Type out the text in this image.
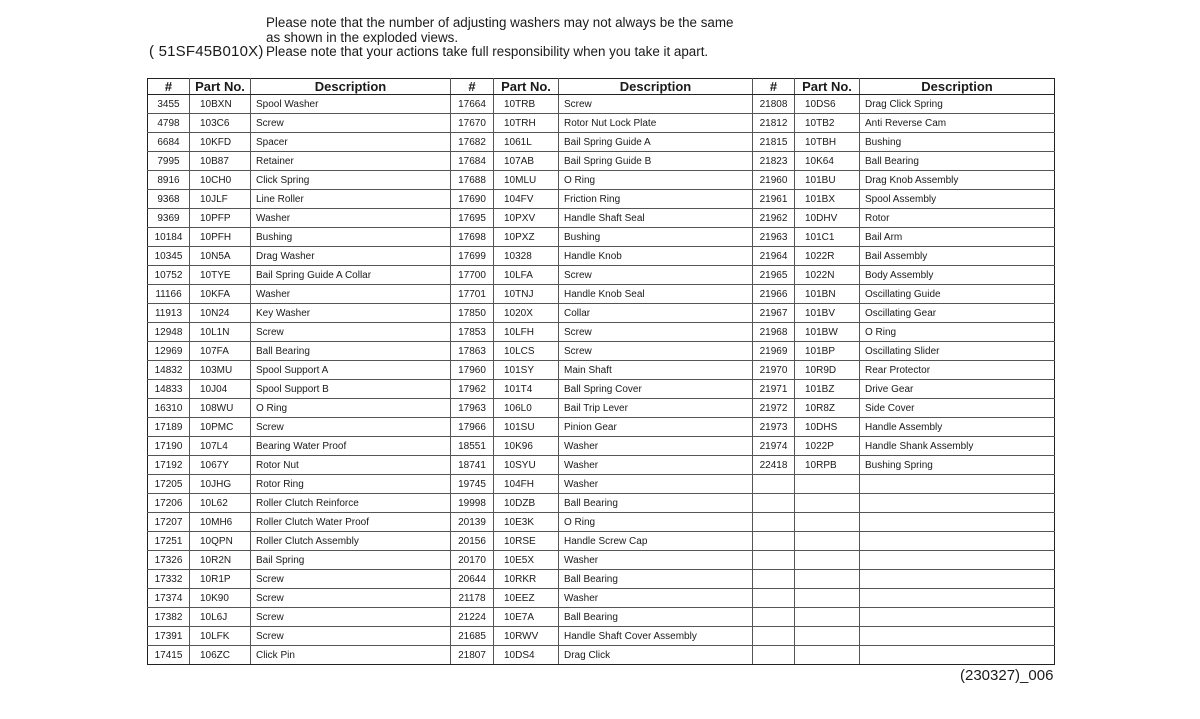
( 51SF45B010X)
Please note that the number of adjusting washers may not always be the same
as shown in the exploded views.
Please note that your actions take full responsibility when you take it apart.
#	Part No.	Description	#	Part No.	Description	#	Part No.	Description
3455	10BXN	Spool Washer	17664	10TRB	Screw	21808	10DS6	Drag Click Spring
4798	103C6	Screw	17670	10TRH	Rotor Nut Lock Plate	21812	10TB2	Anti Reverse Cam
6684	10KFD	Spacer	17682	1061L	Bail Spring Guide A	21815	10TBH	Bushing
7995	10B87	Retainer	17684	107AB	Bail Spring Guide B	21823	10K64	Ball Bearing
8916	10CH0	Click Spring	17688	10MLU	O Ring	21960	101BU	Drag Knob Assembly
9368	10JLF	Line Roller	17690	104FV	Friction Ring	21961	101BX	Spool Assembly
9369	10PFP	Washer	17695	10PXV	Handle Shaft Seal	21962	10DHV	Rotor
10184	10PFH	Bushing	17698	10PXZ	Bushing	21963	101C1	Bail Arm
10345	10N5A	Drag Washer	17699	10328	Handle Knob	21964	1022R	Bail Assembly
10752	10TYE	Bail Spring Guide A Collar	17700	10LFA	Screw	21965	1022N	Body Assembly
11166	10KFA	Washer	17701	10TNJ	Handle Knob Seal	21966	101BN	Oscillating Guide
11913	10N24	Key Washer	17850	1020X	Collar	21967	101BV	Oscillating Gear
12948	10L1N	Screw	17853	10LFH	Screw	21968	101BW	O Ring
12969	107FA	Ball Bearing	17863	10LCS	Screw	21969	101BP	Oscillating Slider
14832	103MU	Spool Support A	17960	101SY	Main Shaft	21970	10R9D	Rear Protector
14833	10J04	Spool Support B	17962	101T4	Ball Spring Cover	21971	101BZ	Drive Gear
16310	108WU	O Ring	17963	106L0	Bail Trip Lever	21972	10R8Z	Side Cover
17189	10PMC	Screw	17966	101SU	Pinion Gear	21973	10DHS	Handle Assembly
17190	107L4	Bearing Water Proof	18551	10K96	Washer	21974	1022P	Handle Shank Assembly
17192	1067Y	Rotor Nut	18741	10SYU	Washer	22418	10RPB	Bushing Spring
17205	10JHG	Rotor Ring	19745	104FH	Washer			
17206	10L62	Roller Clutch Reinforce	19998	10DZB	Ball Bearing			
17207	10MH6	Roller Clutch Water Proof	20139	10E3K	O Ring			
17251	10QPN	Roller Clutch Assembly	20156	10RSE	Handle Screw Cap			
17326	10R2N	Bail Spring	20170	10E5X	Washer			
17332	10R1P	Screw	20644	10RKR	Ball Bearing			
17374	10K90	Screw	21178	10EEZ	Washer			
17382	10L6J	Screw	21224	10E7A	Ball Bearing			
17391	10LFK	Screw	21685	10RWV	Handle Shaft Cover Assembly			
17415	106ZC	Click Pin	21807	10DS4	Drag Click			
(230327)_006
